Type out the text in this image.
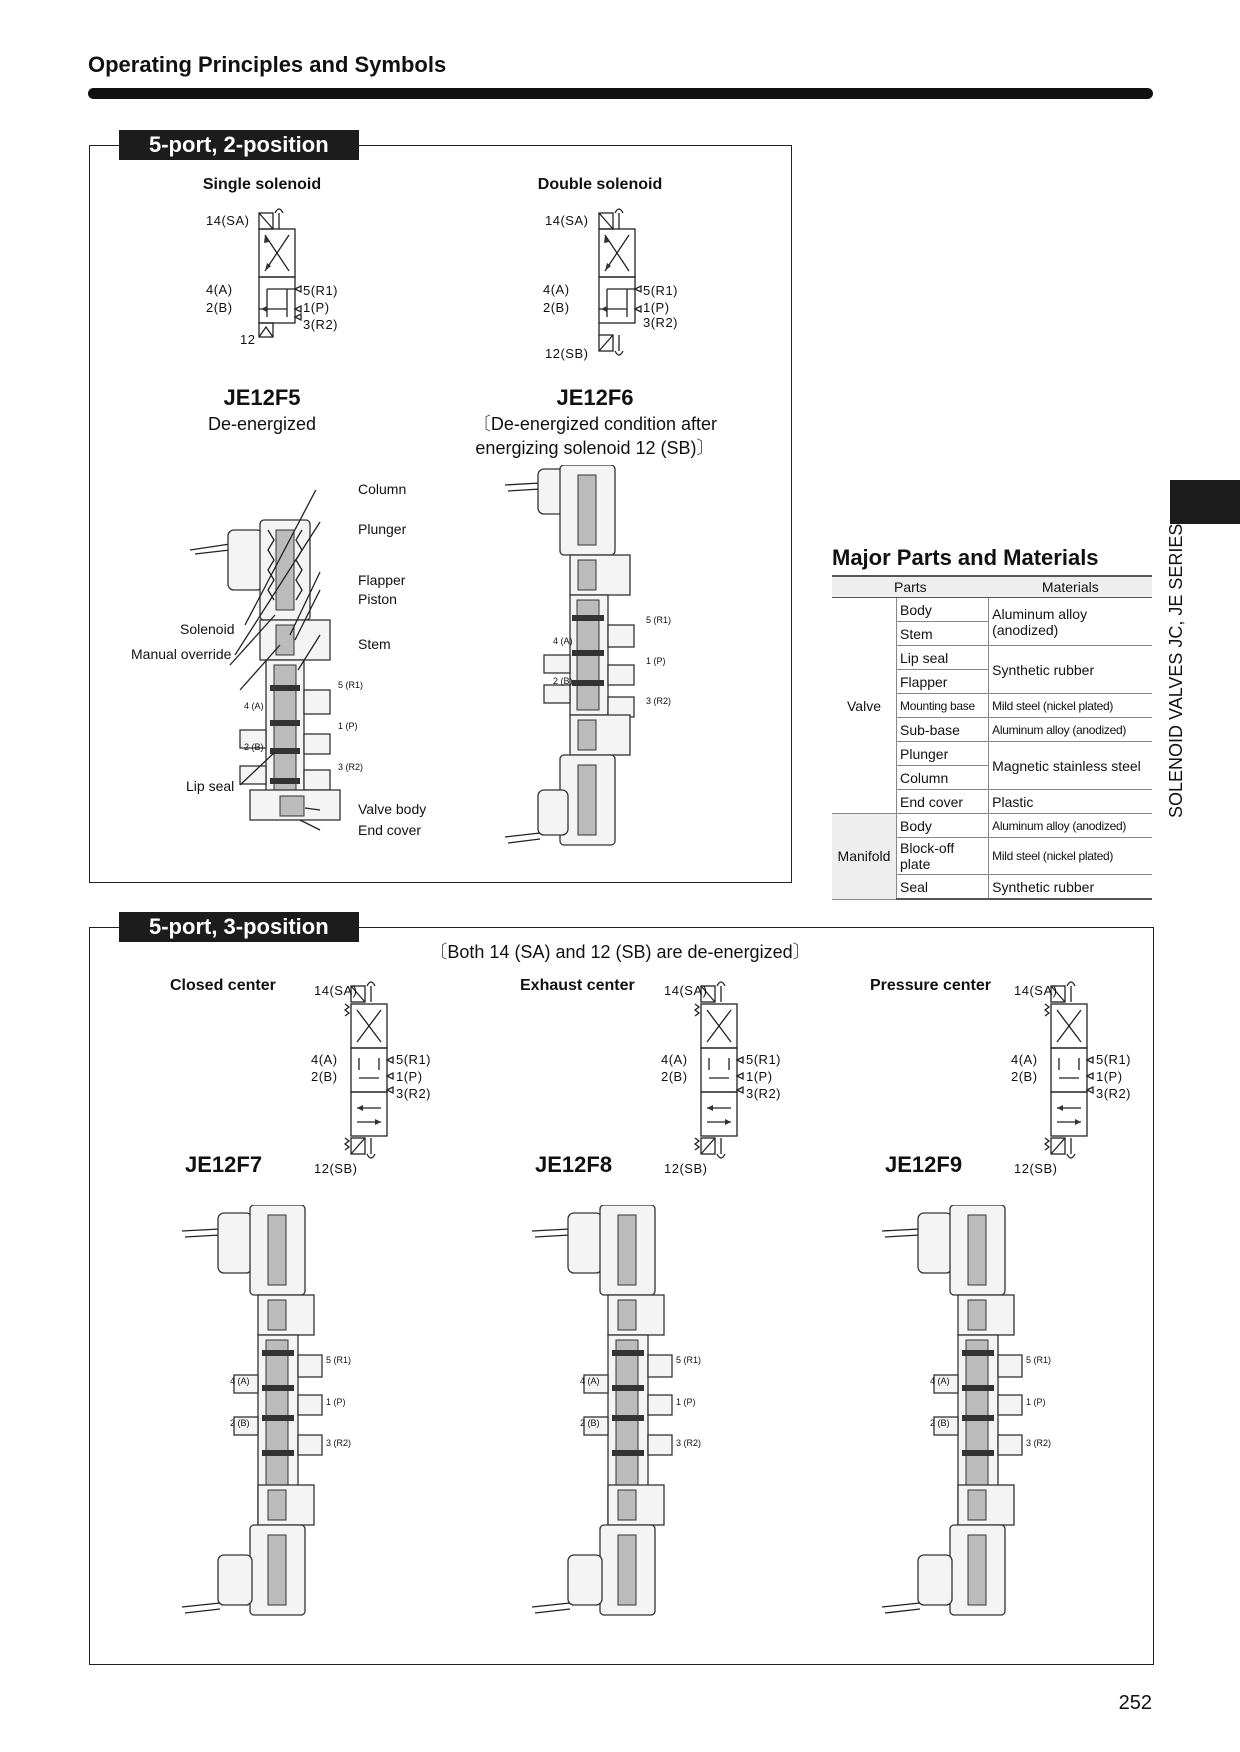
Operating Principles and Symbols
SOLENOID VALVES JC, JE SERIES
5-port, 2-position
Single solenoid	Double solenoid
14(SA)
4(A)
2(B)
5(R1)
1(P)
3(R2)
12
14(SA)
4(A)
2(B)
5(R1)
1(P)
3(R2)
12(SB)
JE12F5
De-energized
JE12F6
〔De-energized condition after
energizing solenoid 12 (SB)〕
Column
Plunger
Flapper
Piston
Solenoid
Manual override
Stem
5 (R1)
4 (A)
1 (P)
2 (B)
3 (R2)
Lip seal
Valve body
End cover
5 (R1)
4 (A)
1 (P)
2 (B)
3 (R2)
Major Parts and Materials
Parts		Materials
Valve	Body	Aluminum alloy (anodized)
	Stem	
	Lip seal	Synthetic rubber
	Flapper	
	Mounting base	Mild steel (nickel plated)
	Sub-base	Aluminum alloy (anodized)
	Plunger	Magnetic stainless steel
	Column	
	End cover	Plastic
Manifold	Body	Aluminum alloy (anodized)
	Block-off plate	Mild steel (nickel plated)
	Seal	Synthetic rubber
5-port, 3-position
〔Both 14 (SA) and 12 (SB) are de-energized〕
Closed center
JE12F7
14(SA)
4(A)
2(B)
5(R1)
1(P)
3(R2)
12(SB)
5 (R1)
4 (A)
1 (P)
2 (B)
3 (R2)
Exhaust center
JE12F8
14(SA)
4(A)
2(B)
5(R1)
1(P)
3(R2)
12(SB)
5 (R1)
4 (A)
1 (P)
2 (B)
3 (R2)
Pressure center
JE12F9
14(SA)
4(A)
2(B)
5(R1)
1(P)
3(R2)
12(SB)
5 (R1)
4 (A)
1 (P)
2 (B)
3 (R2)
252
